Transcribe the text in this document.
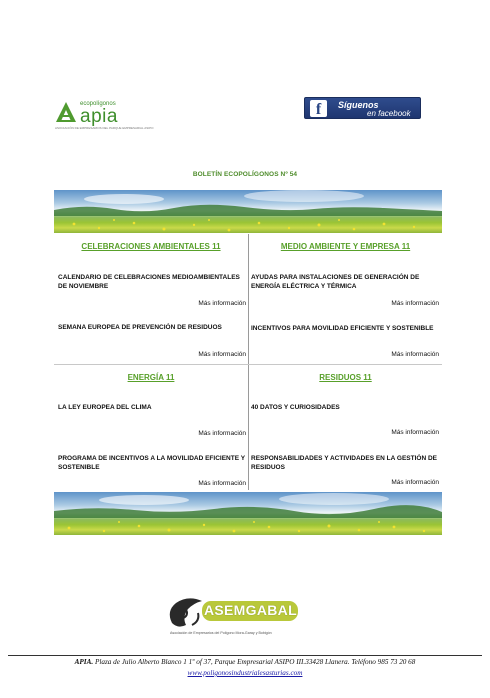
ecopolígonos
apia
ASOCIACIÓN DE EMPRESARIOS DEL PARQUE EMPRESARIAL ASIPO
f	Síguenos
en facebook
BOLETÍN ECOPOLÍGONOS Nº 54
CELEBRACIONES AMBIENTALES 11
CALENDARIO DE CELEBRACIONES MEDIOAMBIENTALES DE NOVIEMBRE
Más información
SEMANA EUROPEA DE PREVENCIÓN DE RESIDUOS
Más información
MEDIO AMBIENTE Y EMPRESA 11
AYUDAS PARA INSTALACIONES DE GENERACIÓN DE ENERGÍA ELÉCTRICA Y TÉRMICA
Más información
INCENTIVOS PARA MOVILIDAD EFICIENTE Y SOSTENIBLE
Más información
ENERGÍA 11
LA LEY EUROPEA DEL CLIMA
Más información
PROGRAMA DE INCENTIVOS A LA MOVILIDAD EFICIENTE Y SOSTENIBLE
Más información
RESIDUOS 11
40 DATOS Y CURIOSIDADES
Más información
RESPONSABILIDADES Y ACTIVIDADES EN LA GESTIÓN DE RESIDUOS
Más información
ASEMGABAL
Asociación de Empresarios del Polígono Mora-Garay y Bobigón
APIA. Plaza de Julio Alberto Blanco 1 1º of 37, Parque Empresarial ASIPO III.33428 Llanera. Teléfono 985 73 20 68
www.poligonosindustrialesasturias.com
